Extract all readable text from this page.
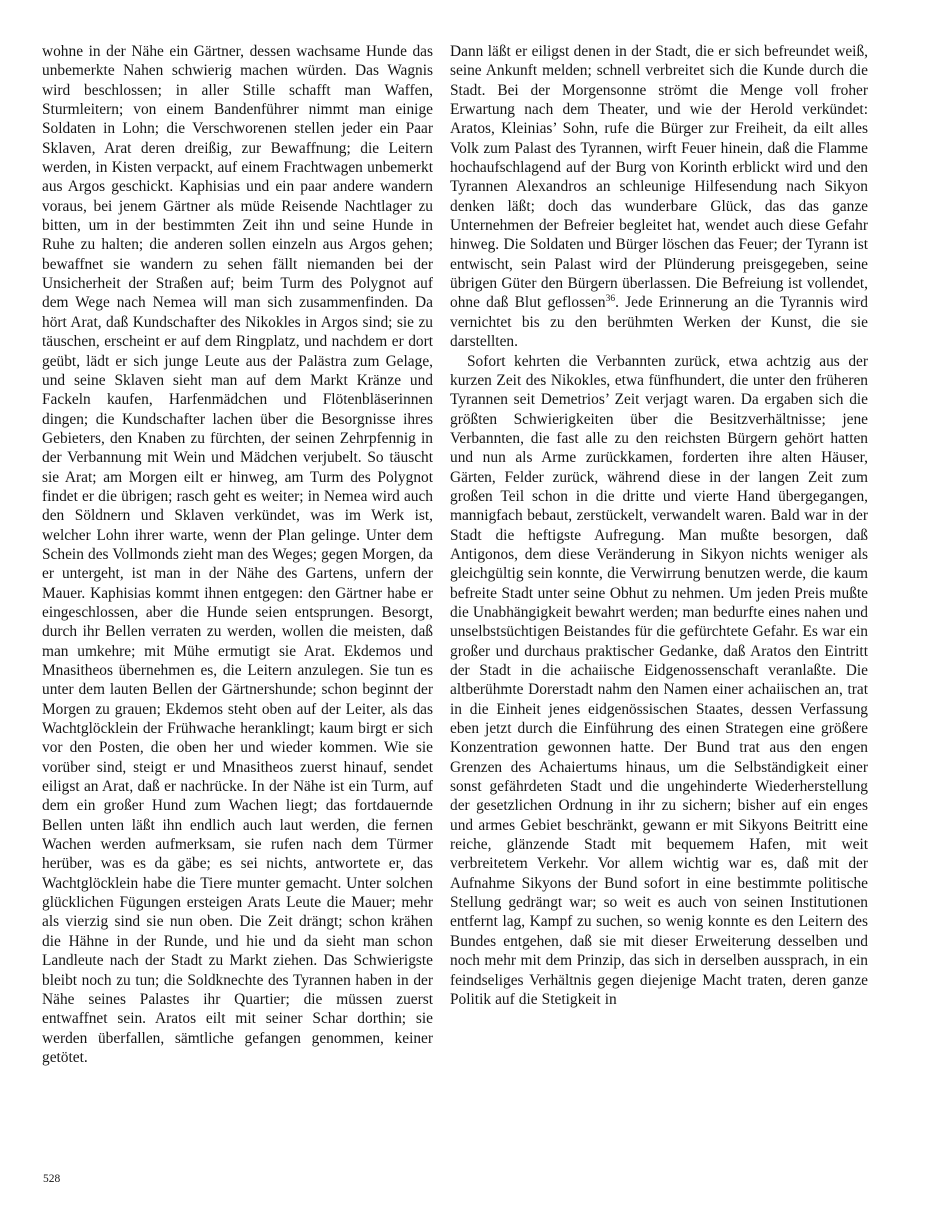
wohne in der Nähe ein Gärtner, dessen wachsame Hunde das unbemerkte Nahen schwierig machen würden. Das Wagnis wird beschlossen; in aller Stille schafft man Waffen, Sturmleitern; von einem Bandenführer nimmt man einige Soldaten in Lohn; die Verschworenen stellen jeder ein Paar Sklaven, Arat deren dreißig, zur Bewaffnung; die Leitern werden, in Kisten verpackt, auf einem Frachtwagen unbemerkt aus Argos geschickt. Kaphisias und ein paar andere wandern voraus, bei jenem Gärtner als müde Reisende Nachtlager zu bitten, um in der bestimmten Zeit ihn und seine Hunde in Ruhe zu halten; die anderen sollen einzeln aus Argos gehen; bewaffnet sie wandern zu sehen fällt niemanden bei der Unsicherheit der Straßen auf; beim Turm des Polygnot auf dem Wege nach Nemea will man sich zusammenfinden. Da hört Arat, daß Kundschafter des Nikokles in Argos sind; sie zu täuschen, erscheint er auf dem Ringplatz, und nachdem er dort geübt, lädt er sich junge Leute aus der Palästra zum Gelage, und seine Sklaven sieht man auf dem Markt Kränze und Fackeln kaufen, Harfenmädchen und Flötenbläserinnen dingen; die Kundschafter lachen über die Besorgnisse ihres Gebieters, den Knaben zu fürchten, der seinen Zehrpfennig in der Verbannung mit Wein und Mädchen verjubelt. So täuscht sie Arat; am Morgen eilt er hinweg, am Turm des Polygnot findet er die übrigen; rasch geht es weiter; in Nemea wird auch den Söldnern und Sklaven verkündet, was im Werk ist, welcher Lohn ihrer warte, wenn der Plan gelinge. Unter dem Schein des Vollmonds zieht man des Weges; gegen Morgen, da er untergeht, ist man in der Nähe des Gartens, unfern der Mauer. Kaphisias kommt ihnen entgegen: den Gärtner habe er eingeschlossen, aber die Hunde seien entsprungen. Besorgt, durch ihr Bellen verraten zu werden, wollen die meisten, daß man umkehre; mit Mühe ermutigt sie Arat. Ekdemos und Mnasitheos übernehmen es, die Leitern anzulegen. Sie tun es unter dem lauten Bellen der Gärtnershunde; schon beginnt der Morgen zu grauen; Ekdemos steht oben auf der Leiter, als das Wachtglöcklein der Frühwache heranklingt; kaum birgt er sich vor den Posten, die oben her und wieder kommen. Wie sie vorüber sind, steigt er und Mnasitheos zuerst hinauf, sendet eiligst an Arat, daß er nachrücke. In der Nähe ist ein Turm, auf dem ein großer Hund zum Wachen liegt; das fortdauernde Bellen unten läßt ihn endlich auch laut werden, die fernen Wachen werden aufmerksam, sie rufen nach dem Türmer herüber, was es da gäbe; es sei nichts, antwortete er, das Wachtglöcklein habe die Tiere munter gemacht. Unter solchen glücklichen Fügungen ersteigen Arats Leute die Mauer; mehr als vierzig sind sie nun oben. Die Zeit drängt; schon krähen die Hähne in der Runde, und hie und da sieht man schon Landleute nach der Stadt zu Markt ziehen. Das Schwierigste bleibt noch zu tun; die Soldknechte des Tyrannen haben in der Nähe seines Palastes ihr Quartier; die müssen zuerst entwaffnet sein. Aratos eilt mit seiner Schar dorthin; sie werden überfallen, sämtliche gefangen genommen, keiner getötet.

Dann läßt er eiligst denen in der Stadt, die er sich befreundet weiß, seine Ankunft melden; schnell verbreitet sich die Kunde durch die Stadt. Bei der Morgensonne strömt die Menge voll froher Erwartung nach dem Theater, und wie der Herold verkündet: Aratos, Kleinias’ Sohn, rufe die Bürger zur Freiheit, da eilt alles Volk zum Palast des Tyrannen, wirft Feuer hinein, daß die Flamme hochaufschlagend auf der Burg von Korinth erblickt wird und den Tyrannen Alexandros an schleunige Hilfesendung nach Sikyon denken läßt; doch das wunderbare Glück, das das ganze Unternehmen der Befreier begleitet hat, wendet auch diese Gefahr hinweg. Die Soldaten und Bürger löschen das Feuer; der Tyrann ist entwischt, sein Palast wird der Plünderung preisgegeben, seine übrigen Güter den Bürgern überlassen. Die Befreiung ist vollendet, ohne daß Blut geflossen$^{36}$. Jede Erinnerung an die Tyrannis wird vernichtet bis zu den berühmten Werken der Kunst, die sie darstellten.

Sofort kehrten die Verbannten zurück, etwa achtzig aus der kurzen Zeit des Nikokles, etwa fünfhundert, die unter den früheren Tyrannen seit Demetrios’ Zeit verjagt waren. Da ergaben sich die größten Schwierigkeiten über die Besitzverhältnisse; jene Verbannten, die fast alle zu den reichsten Bürgern gehört hatten und nun als Arme zurückkamen, forderten ihre alten Häuser, Gärten, Felder zurück, während diese in der langen Zeit zum großen Teil schon in die dritte und vierte Hand übergegangen, mannigfach bebaut, zerstückelt, verwandelt waren. Bald war in der Stadt die heftigste Aufregung. Man mußte besorgen, daß Antigonos, dem diese Veränderung in Sikyon nichts weniger als gleichgültig sein konnte, die Verwirrung benutzen werde, die kaum befreite Stadt unter seine Obhut zu nehmen. Um jeden Preis mußte die Unabhängigkeit bewahrt werden; man bedurfte eines nahen und unselbstsüchtigen Beistandes für die gefürchtete Gefahr. Es war ein großer und durchaus praktischer Gedanke, daß Aratos den Eintritt der Stadt in die achaiische Eidgenossenschaft veranlaßte. Die altberühmte Dorerstadt nahm den Namen einer achaiischen an, trat in die Einheit jenes eidgenössischen Staates, dessen Verfassung eben jetzt durch die Einführung des einen Strategen eine größere Konzentration gewonnen hatte. Der Bund trat aus den engen Grenzen des Achaiertums hinaus, um die Selbständigkeit einer sonst gefährdeten Stadt und die ungehinderte Wiederherstellung der gesetzlichen Ordnung in ihr zu sichern; bisher auf ein enges und armes Gebiet beschränkt, gewann er mit Sikyons Beitritt eine reiche, glänzende Stadt mit bequemem Hafen, mit weit verbreitetem Verkehr. Vor allem wichtig war es, daß mit der Aufnahme Sikyons der Bund sofort in eine bestimmte politische Stellung gedrängt war; so weit es auch von seinen Institutionen entfernt lag, Kampf zu suchen, so wenig konnte es den Leitern des Bundes entgehen, daß sie mit dieser Erweiterung desselben und noch mehr mit dem Prinzip, das sich in derselben aussprach, in ein feindseliges Verhältnis gegen diejenige Macht traten, deren ganze Politik auf die Stetigkeit in

528
